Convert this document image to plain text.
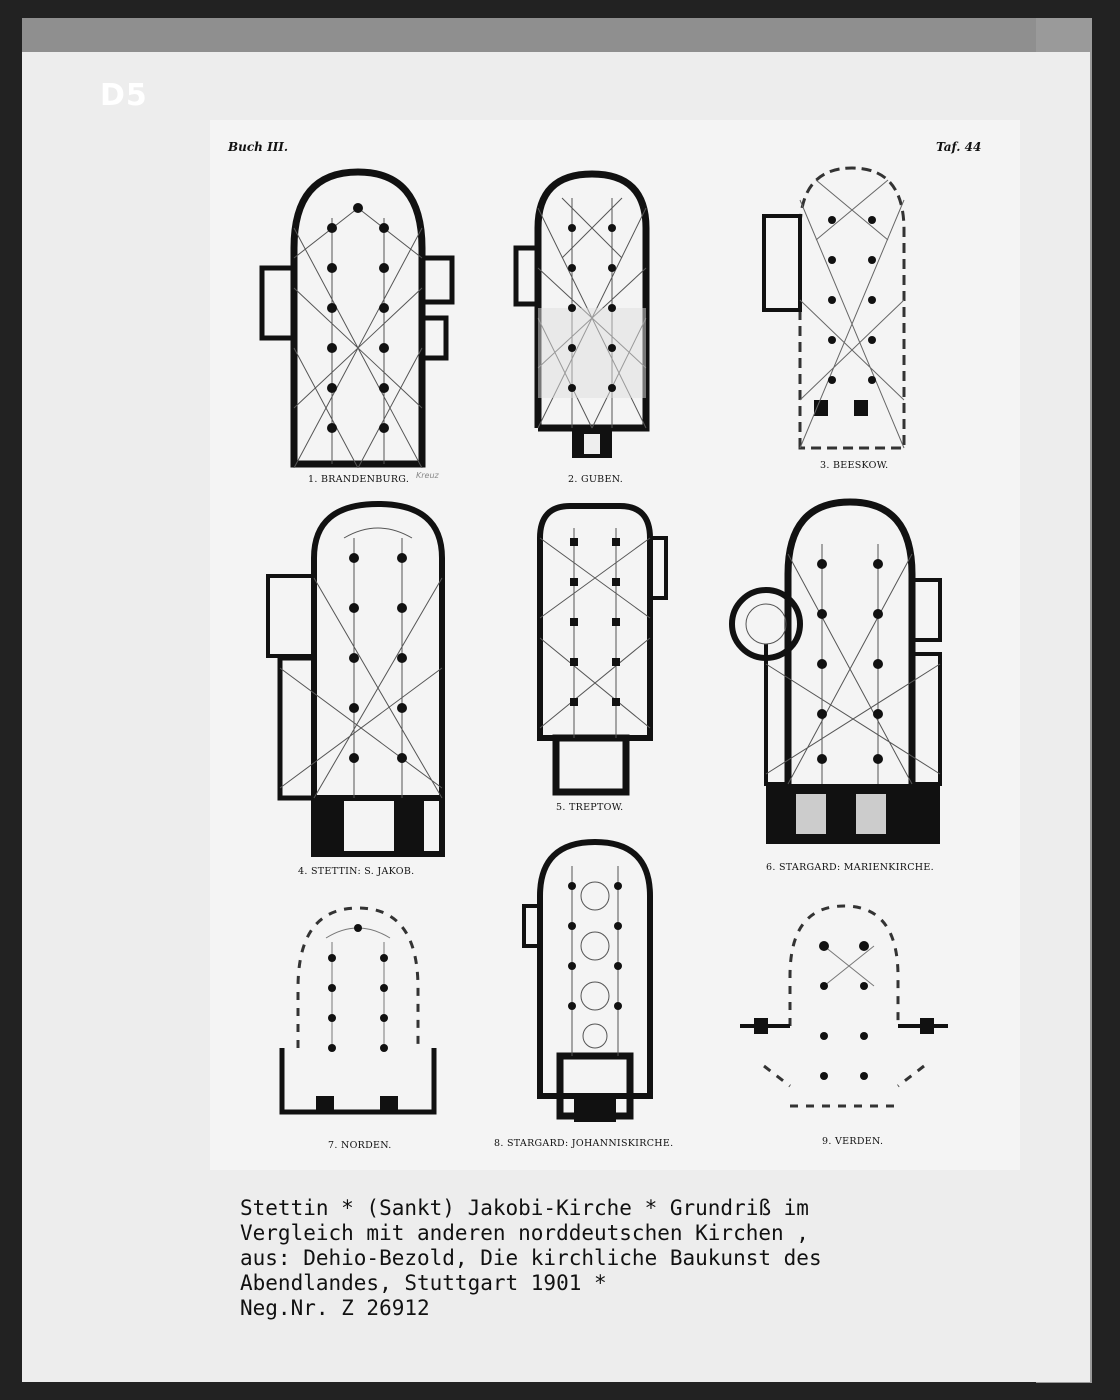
D5
Buch III.	Taf. 44
1. BRANDENBURG. Kreuz	2. GUBEN.
3. BEESKOW.
4. STETTIN: S. JAKOB.
5. TREPTOW.
6. STARGARD: MARIENKIRCHE.
7. NORDEN.	8. STARGARD: JOHANNISKIRCHE.	9. VERDEN.
Stettin * (Sankt) Jakobi-Kirche * Grundriß im
Vergleich mit anderen norddeutschen Kirchen ,
aus: Dehio-Bezold, Die kirchliche Baukunst des
Abendlandes, Stuttgart 1901 *
Neg.Nr. Z 26912
